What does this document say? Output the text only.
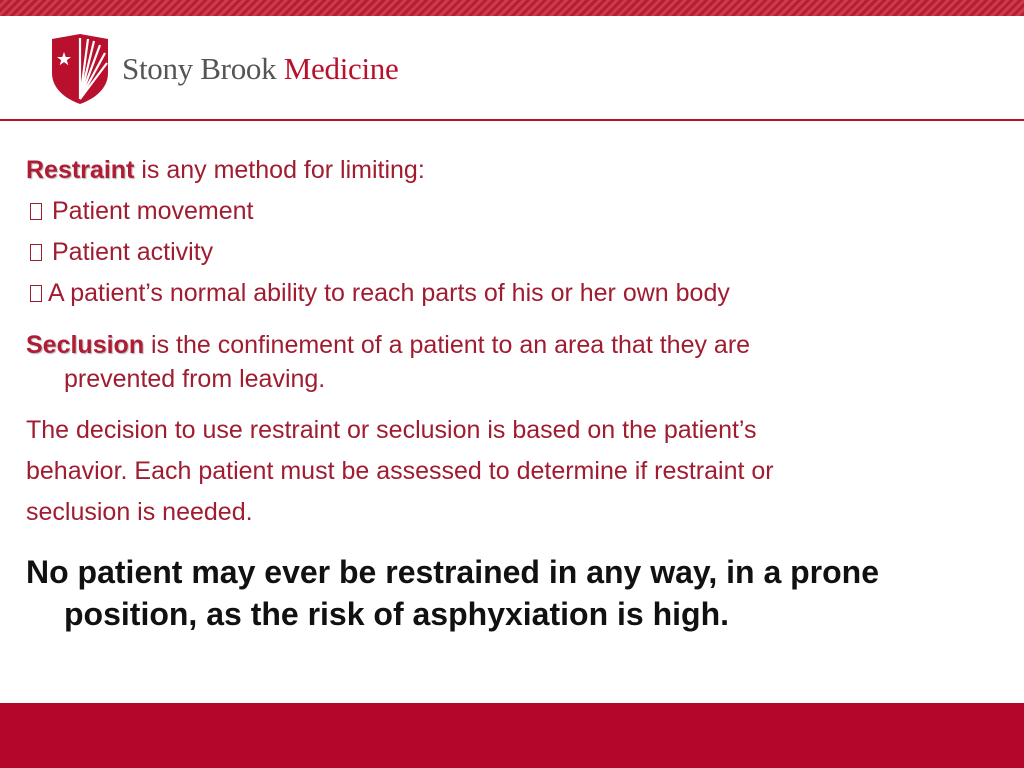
Stony Brook Medicine
Restraint is any method for limiting:
Patient movement
Patient activity
A patient’s normal ability to reach parts of his or her own body
Seclusion is the confinement of a patient to an area that they are
prevented from leaving.
The decision to use restraint or seclusion is based on the patient’s
behavior. Each patient must be assessed to determine if restraint or
seclusion is needed.
No patient may ever be restrained in any way, in a prone
position, as the risk of asphyxiation is high.
